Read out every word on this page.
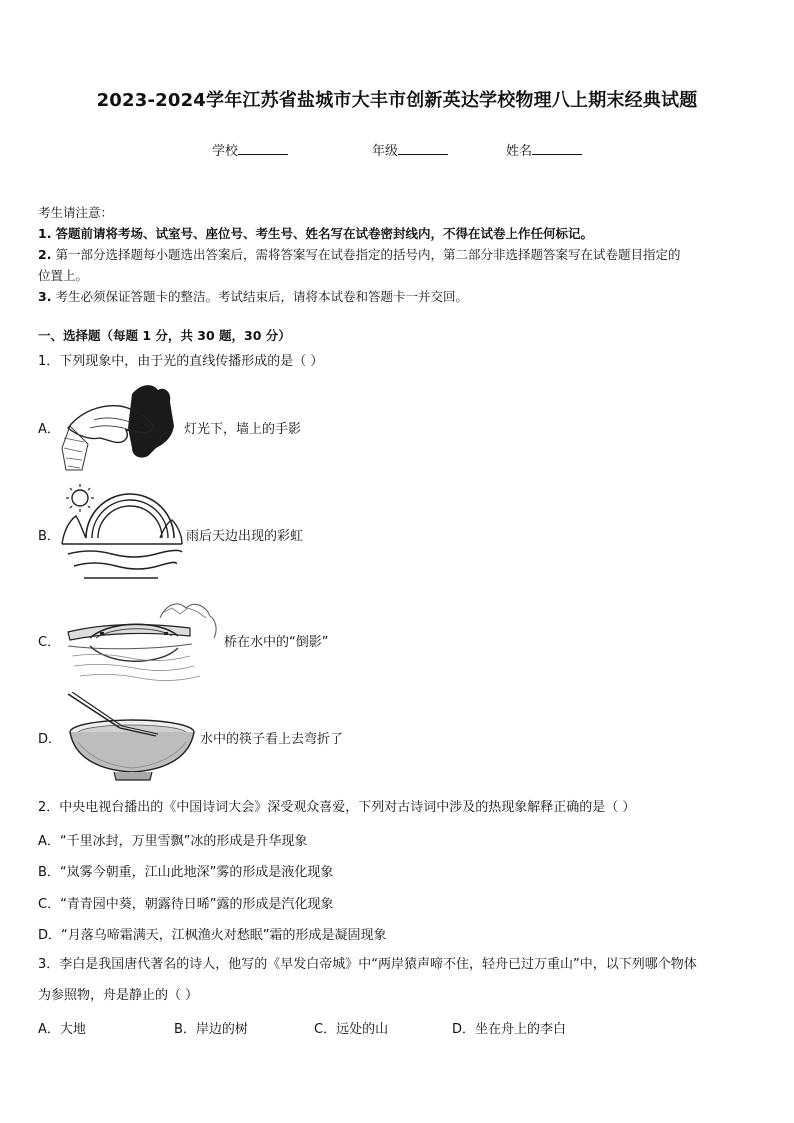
2023-2024学年江苏省盐城市大丰市创新英达学校物理八上期末经典试题
学校	年级	姓名

考生请注意：

1. 答题前请将考场、试室号、座位号、考生号、姓名写在试卷密封线内，不得在试卷上作任何标记。

2. 第一部分选择题每小题选出答案后，需将答案写在试卷指定的括号内，第二部分非选择题答案写在试卷题目指定的

位置上。

3. 考生必须保证答题卡的整洁。考试结束后，请将本试卷和答题卡一并交回。

一、选择题（每题 1 分，共 30 题，30 分）
1．下列现象中，由于光的直线传播形成的是（ ）
A．	灯光下，墙上的手影
B．	雨后天边出现的彩虹
C．	桥在水中的“倒影”
D．	水中的筷子看上去弯折了
2．中央电视台播出的《中国诗词大会》深受观众喜爱，下列对古诗词中涉及的热现象解释正确的是（ ）
A．“千里冰封，万里雪飘”冰的形成是升华现象
B．“岚雾今朝重，江山此地深”雾的形成是液化现象
C．“青青园中葵，朝露待日晞”露的形成是汽化现象
D．“月落乌啼霜满天，江枫渔火对愁眠”霜的形成是凝固现象
3．李白是我国唐代著名的诗人，他写的《早发白帝城》中“两岸猿声啼不住，轻舟已过万重山”中，以下列哪个物体
为参照物，舟是静止的（ ）
A．大地	B．岸边的树	C．远处的山	D．坐在舟上的李白
